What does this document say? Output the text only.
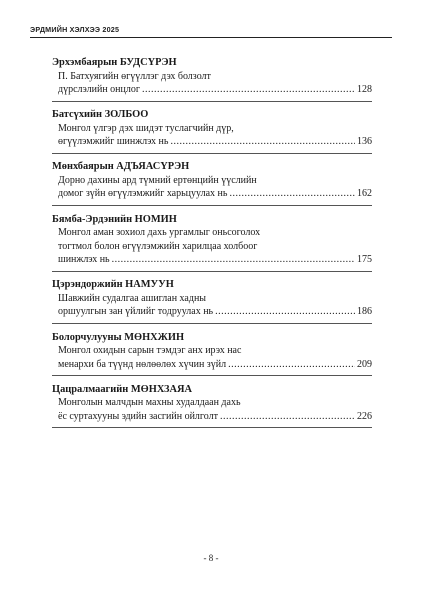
ЭРДМИЙН ХЭЛХЭЭ 2025
Эрхэмбаярын БУДСҮРЭН
П. Батхуягийн өгүүллэг дэх болзолт
дүрслэлийн онцлог .....	128
Батсүхийн ЗОЛБОО
Монгол үлгэр дэх шидэт туслагчийн дүр,
өгүүлэмжийг шинжлэх нь .....	136
Мөнхбаярын АДЪЯАСҮРЭН
Дорно дахины ард түмний ертөнцийн үүслийн
домог зүйн өгүүлэмжийг харьцуулах нь .....	162
Бямба-Эрдэнийн НОМИН
Монгол аман зохиол дахь ургамлыг оньсоголох
тогтмол болон өгүүлэмжийн харилцаа холбоог
шинжлэх нь .....	175
Цэрэндоржийн НАМУУН
Шавжийн судалгаа ашиглан хадны
оршуулгын зан үйлийг тодруулах нь .....	186
Болорчулууны МӨНХЖИН
Монгол охидын сарын тэмдэг анх ирэх нас
менархи ба түүнд нөлөөлөх хүчин зүйл .....	209
Цацралмаагийн МӨНХЗАЯА
Монголын малчдын махны худалдаан дахь
ёс суртахууны эдийн засгийн ойлголт .....	226
- 8 -
